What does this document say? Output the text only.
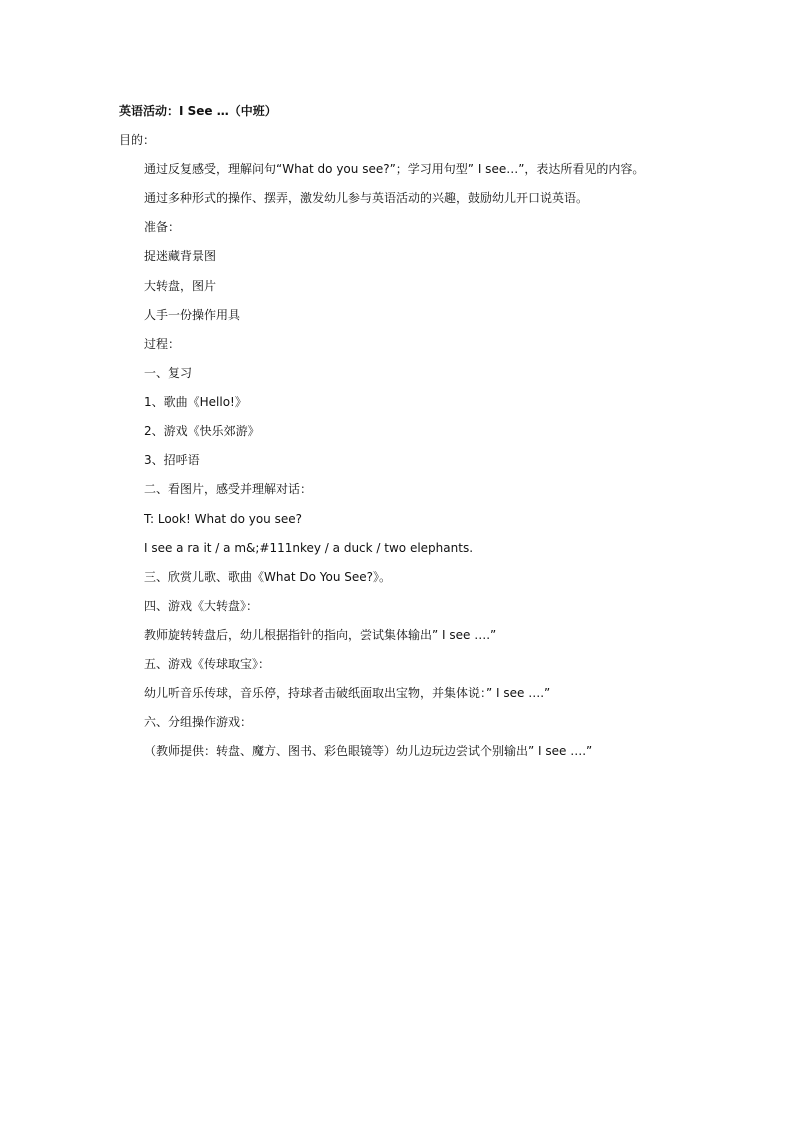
英语活动：I See …（中班）
目的：
通过反复感受，理解问句“What do you see?”；学习用句型” I see…”，表达所看见的内容。
通过多种形式的操作、摆弄，激发幼儿参与英语活动的兴趣，鼓励幼儿开口说英语。
准备：
捉迷藏背景图
大转盘，图片
人手一份操作用具
过程：
一、复习
1、歌曲《Hello!》
2、游戏《快乐郊游》
3、招呼语
二、看图片，感受并理解对话：
T: Look! What do you see?
I see a ra it / a m&;#111nkey / a duck / two elephants.
三、欣赏儿歌、歌曲《What Do You See?》。
四、游戏《大转盘》：
教师旋转转盘后，幼儿根据指针的指向，尝试集体输出” I see ….”
五、游戏《传球取宝》：
幼儿听音乐传球，音乐停，持球者击破纸面取出宝物，并集体说：” I see ….”
六、分组操作游戏：
（教师提供：转盘、魔方、图书、彩色眼镜等）幼儿边玩边尝试个别输出” I see ….”
